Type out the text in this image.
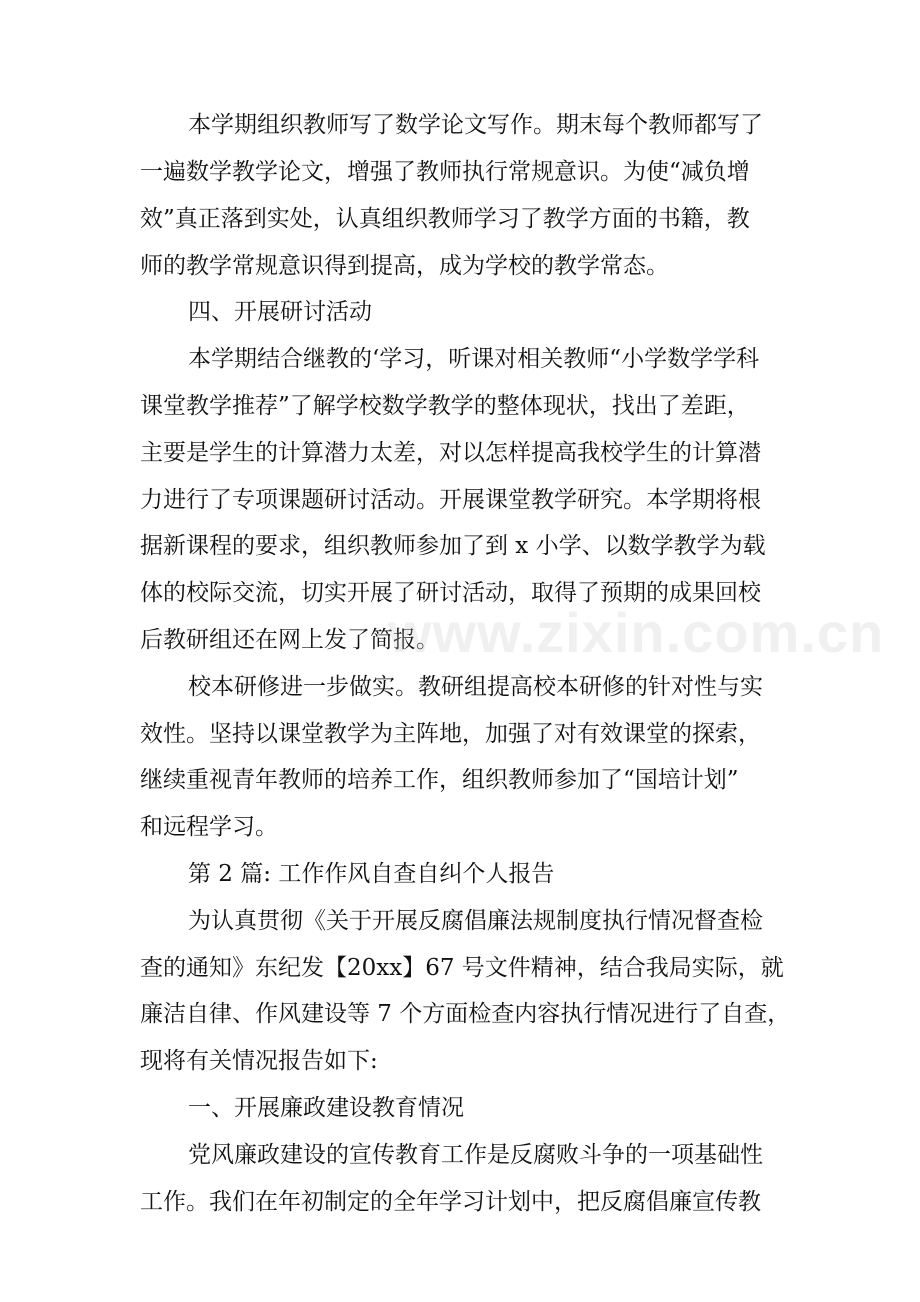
本学期组织教师写了数学论文写作。期末每个教师都写了

一遍数学教学论文，增强了教师执行常规意识。为使“减负增

效”真正落到实处，认真组织教师学习了教学方面的书籍，教

师的教学常规意识得到提高，成为学校的教学常态。

四、开展研讨活动

本学期结合继教的‘学习，听课对相关教师“小学数学学科

课堂教学推荐”了解学校数学教学的整体现状，找出了差距，

主要是学生的计算潜力太差，对以怎样提高我校学生的计算潜

力进行了专项课题研讨活动。开展课堂教学研究。本学期将根

据新课程的要求，组织教师参加了到 x 小学、以数学教学为载

体的校际交流，切实开展了研讨活动，取得了预期的成果回校

后教研组还在网上发了简报。

校本研修进一步做实。教研组提高校本研修的针对性与实

效性。坚持以课堂教学为主阵地，加强了对有效课堂的探索，

继续重视青年教师的培养工作，组织教师参加了“国培计划”

和远程学习。

第 2 篇: 工作作风自查自纠个人报告

为认真贯彻《关于开展反腐倡廉法规制度执行情况督查检

查的通知》东纪发【20xx】67 号文件精神，结合我局实际，就

廉洁自律、作风建设等 7 个方面检查内容执行情况进行了自查，

现将有关情况报告如下:

一、开展廉政建设教育情况

党风廉政建设的宣传教育工作是反腐败斗争的一项基础性

工作。我们在年初制定的全年学习计划中，把反腐倡廉宣传教

www.zixin.com.cn
